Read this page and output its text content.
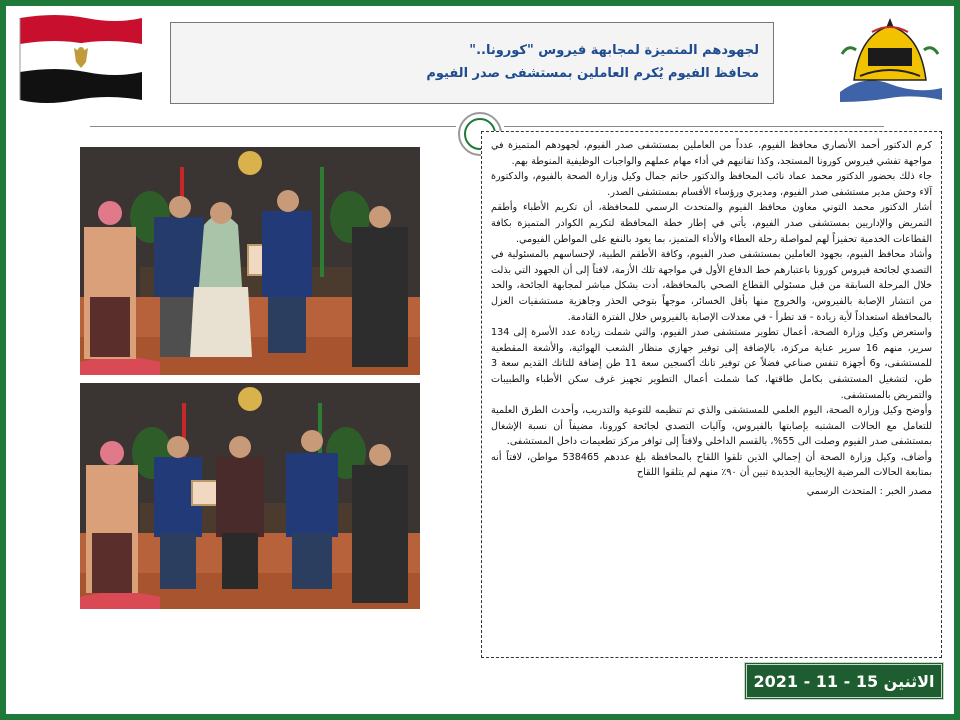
لجهودهم المتميزة لمجابهة فيروس "كورونا.."
محافظ الفيوم يُكرم العاملين بمستشفى صدر الفيوم

كرم الدكتور أحمد الأنصاري محافظ الفيوم، عدداً من العاملين بمستشفى صدر الفيوم، لجهودهم المتميزة في مواجهة تفشي فيروس كورونا المستجد، وكذا تفانيهم في أداء مهام عملهم والواجبات الوظيفية المنوطة بهم.

جاء ذلك بحضور الدكتور محمد عماد نائب المحافظ والدكتور حاتم جمال وكيل وزارة الصحة بالفيوم، والدكتورة آلاء وحش مدير مستشفى صدر الفيوم، ومديري ورؤساء الأقسام بمستشفى الصدر.

أشار الدكتور محمد التوني معاون محافظ الفيوم والمتحدث الرسمي للمحافظة، أن تكريم الأطباء وأطقم التمريض والإداريين بمستشفى صدر الفيوم، يأتي في إطار خطة المحافظة لتكريم الكوادر المتميزة بكافة القطاعات الخدمية تحفيزاً لهم لمواصلة رحلة العطاء والأداء المتميز، بما يعود بالنفع على المواطن الفيومي.

وأشاد محافظ الفيوم، بجهود العاملين بمستشفى صدر الفيوم، وكافة الأطقم الطبية، لإحساسهم بالمسئولية في التصدي لجائحة فيروس كورونا باعتبارهم خط الدفاع الأول في مواجهة تلك الأزمة، لافتاً إلى أن الجهود التي بذلت خلال المرحلة السابقة من قبل مسئولي القطاع الصحي بالمحافظة، أدت بشكل مباشر لمجابهة الجائحة، والحد من انتشار الإصابة بالفيروس، والخروج منها بأقل الخسائر، موجهاً بتوخي الحذر وجاهزية مستشفيات العزل بالمحافظة استعداداً لأية زيادة - قد تطرأ - في معدلات الإصابة بالفيروس خلال الفترة القادمة.

واستعرض وكيل وزارة الصحة، أعمال تطوير مستشفى صدر الفيوم، والتي شملت زيادة عدد الأسرة إلى 134 سرير، منهم 16 سرير عناية مركزة، بالإضافة إلى توفير جهازي منظار الشعب الهوائية، والأشعة المقطعية للمستشفى، و6 أجهزة تنفس صناعي فضلاً عن توفير تانك أكسجين سعة 11 طن إضافة للتانك القديم سعة 3 طن، لتشغيل المستشفى بكامل طاقتها، كما شملت أعمال التطوير تجهيز غرف سكن الأطباء والطبيبات والتمريض بالمستشفى.

وأوضح وكيل وزارة الصحة، اليوم العلمي للمستشفى والذي تم تنظيمه للتوعية والتدريب، وأحدث الطرق العلمية للتعامل مع الحالات المشتبه بإصابتها بالفيروس، وآليات التصدي لجائحة كورونا، مضيفاً أن نسبة الإشغال بمستشفى صدر الفيوم وصلت الى 55%، بالقسم الداخلي ولافتاً إلى توافر مركز تطعيمات داخل المستشفى.

وأضاف، وكيل وزارة الصحة أن إجمالي الذين تلقوا اللقاح بالمحافظة بلغ عددهم 538465 مواطن، لافتاً أنه بمتابعة الحالات المرضية الإيجابية الجديدة تبين أن ٩٠٪ منهم لم يتلقوا اللقاح

مصدر الخبر : المتحدث الرسمي
الاثنين 15 - 11 - 2021
